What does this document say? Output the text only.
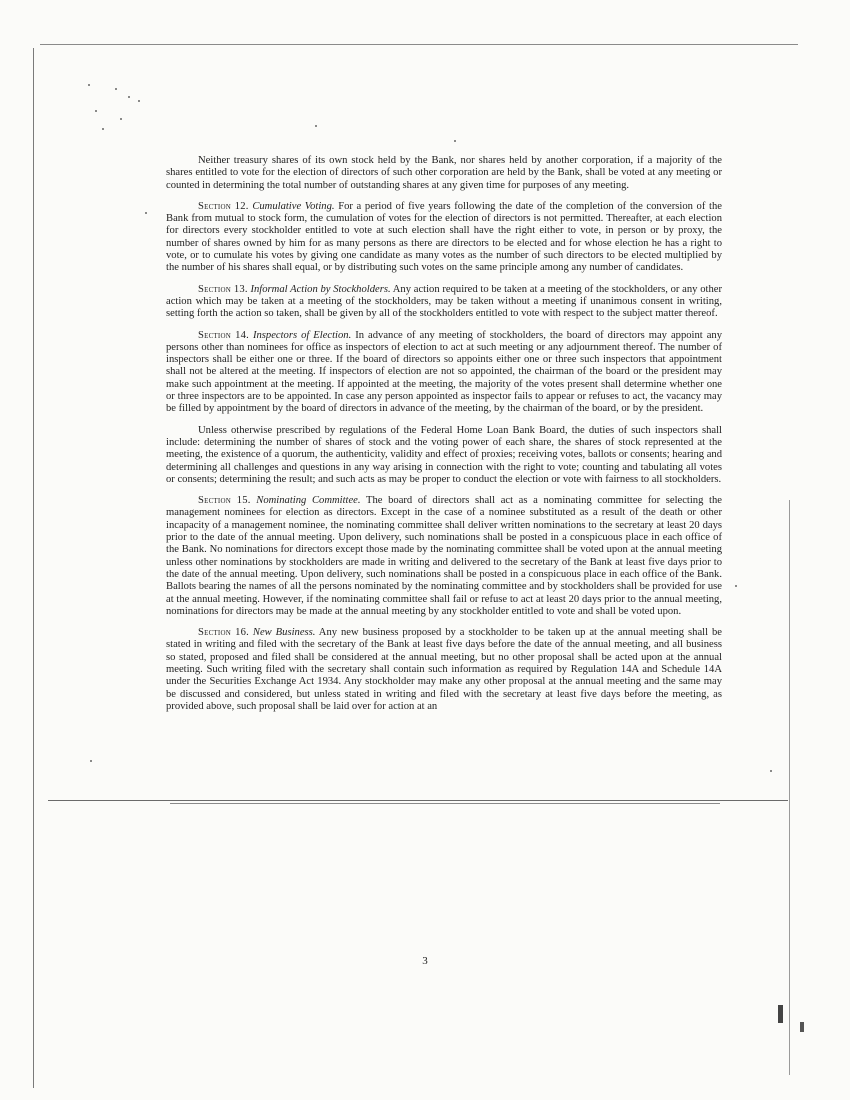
Neither treasury shares of its own stock held by the Bank, nor shares held by another corporation, if a majority of the shares entitled to vote for the election of directors of such other corporation are held by the Bank, shall be voted at any meeting or counted in determining the total number of outstanding shares at any given time for purposes of any meeting.

Section 12. Cumulative Voting. For a period of five years following the date of the completion of the conversion of the Bank from mutual to stock form, the cumulation of votes for the election of directors is not permitted. Thereafter, at each election for directors every stockholder entitled to vote at such election shall have the right either to vote, in person or by proxy, the number of shares owned by him for as many persons as there are directors to be elected and for whose election he has a right to vote, or to cumulate his votes by giving one candidate as many votes as the number of such directors to be elected multiplied by the number of his shares shall equal, or by distributing such votes on the same principle among any number of candidates.

Section 13. Informal Action by Stockholders. Any action required to be taken at a meeting of the stockholders, or any other action which may be taken at a meeting of the stockholders, may be taken without a meeting if unanimous consent in writing, setting forth the action so taken, shall be given by all of the stockholders entitled to vote with respect to the subject matter thereof.

Section 14. Inspectors of Election. In advance of any meeting of stockholders, the board of directors may appoint any persons other than nominees for office as inspectors of election to act at such meeting or any adjournment thereof. The number of inspectors shall be either one or three. If the board of directors so appoints either one or three such inspectors that appointment shall not be altered at the meeting. If inspectors of election are not so appointed, the chairman of the board or the president may make such appointment at the meeting. If appointed at the meeting, the majority of the votes present shall determine whether one or three inspectors are to be appointed. In case any person appointed as inspector fails to appear or refuses to act, the vacancy may be filled by appointment by the board of directors in advance of the meeting, by the chairman of the board, or by the president.

Unless otherwise prescribed by regulations of the Federal Home Loan Bank Board, the duties of such inspectors shall include: determining the number of shares of stock and the voting power of each share, the shares of stock represented at the meeting, the existence of a quorum, the authenticity, validity and effect of proxies; receiving votes, ballots or consents; hearing and determining all challenges and questions in any way arising in connection with the right to vote; counting and tabulating all votes or consents; determining the result; and such acts as may be proper to conduct the election or vote with fairness to all stockholders.

Section 15. Nominating Committee. The board of directors shall act as a nominating committee for selecting the management nominees for election as directors. Except in the case of a nominee substituted as a result of the death or other incapacity of a management nominee, the nominating committee shall deliver written nominations to the secretary at least 20 days prior to the date of the annual meeting. Upon delivery, such nominations shall be posted in a conspicuous place in each office of the Bank. No nominations for directors except those made by the nominating committee shall be voted upon at the annual meeting unless other nominations by stockholders are made in writing and delivered to the secretary of the Bank at least five days prior to the date of the annual meeting. Upon delivery, such nominations shall be posted in a conspicuous place in each office of the Bank. Ballots bearing the names of all the persons nominated by the nominating committee and by stockholders shall be provided for use at the annual meeting. However, if the nominating committee shall fail or refuse to act at least 20 days prior to the annual meeting, nominations for directors may be made at the annual meeting by any stockholder entitled to vote and shall be voted upon.

Section 16. New Business. Any new business proposed by a stockholder to be taken up at the annual meeting shall be stated in writing and filed with the secretary of the Bank at least five days before the date of the annual meeting, and all business so stated, proposed and filed shall be considered at the annual meeting, but no other proposal shall be acted upon at the annual meeting. Such writing filed with the secretary shall contain such information as required by Regulation 14A and Schedule 14A under the Securities Exchange Act 1934. Any stockholder may make any other proposal at the annual meeting and the same may be discussed and considered, but unless stated in writing and filed with the secretary at least five days before the meeting, as provided above, such proposal shall be laid over for action at an

3
